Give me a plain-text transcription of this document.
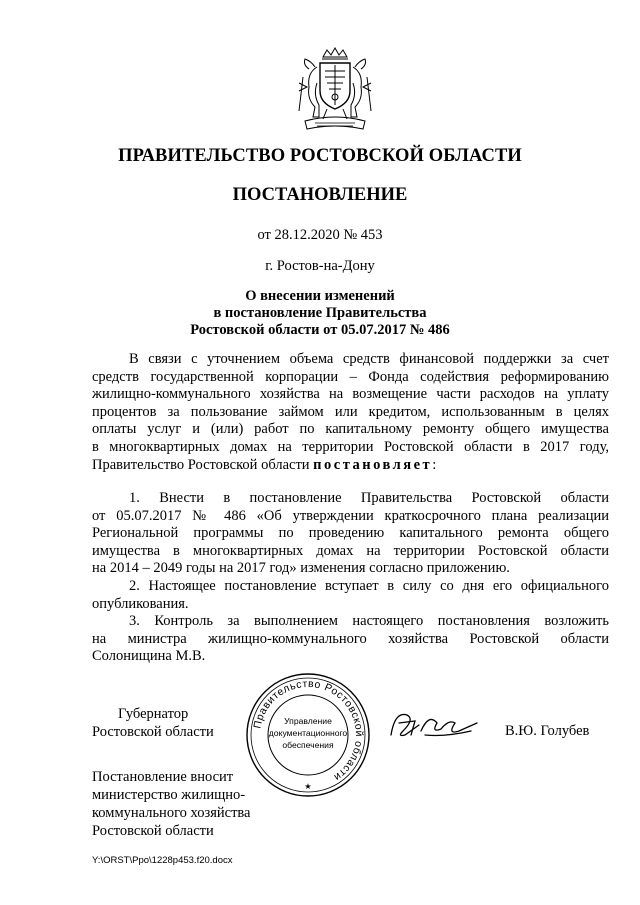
ПРАВИТЕЛЬСТВО РОСТОВСКОЙ ОБЛАСТИ
ПОСТАНОВЛЕНИЕ
от 28.12.2020 № 453
г. Ростов-на-Дону
О внесении изменений
в постановление Правительства
Ростовской области от 05.07.2017 № 486
В связи с уточнением объема средств финансовой поддержки за счет
средств государственной корпорации – Фонда содействия реформированию
жилищно-коммунального хозяйства на возмещение части расходов на уплату
процентов за пользование займом или кредитом, использованным в целях
оплаты услуг и (или) работ по капитальному ремонту общего имущества
в многоквартирных домах на территории Ростовской области в 2017 году,
Правительство Ростовской области постановляет:
1. Внести в постановление Правительства Ростовской области
от 05.07.2017 № 486 «Об утверждении краткосрочного плана реализации
Региональной программы по проведению капитального ремонта общего
имущества в многоквартирных домах на территории Ростовской области
на 2014 – 2049 годы на 2017 год» изменения согласно приложению.
2. Настоящее постановление вступает в силу со дня его официального
опубликования.
3. Контроль за выполнением настоящего постановления возложить
на министра жилищно-коммунального хозяйства Ростовской области
Солонищина М.В.
Губернатор
Ростовской области	Правительство Ростовской области
★
Управление
документационного
обеспечения
В.Ю. Голубев
Постановление вносит
министерство жилищно-
коммунального хозяйства
Ростовской области
Y:\ORST\Ppo\1228p453.f20.docx
